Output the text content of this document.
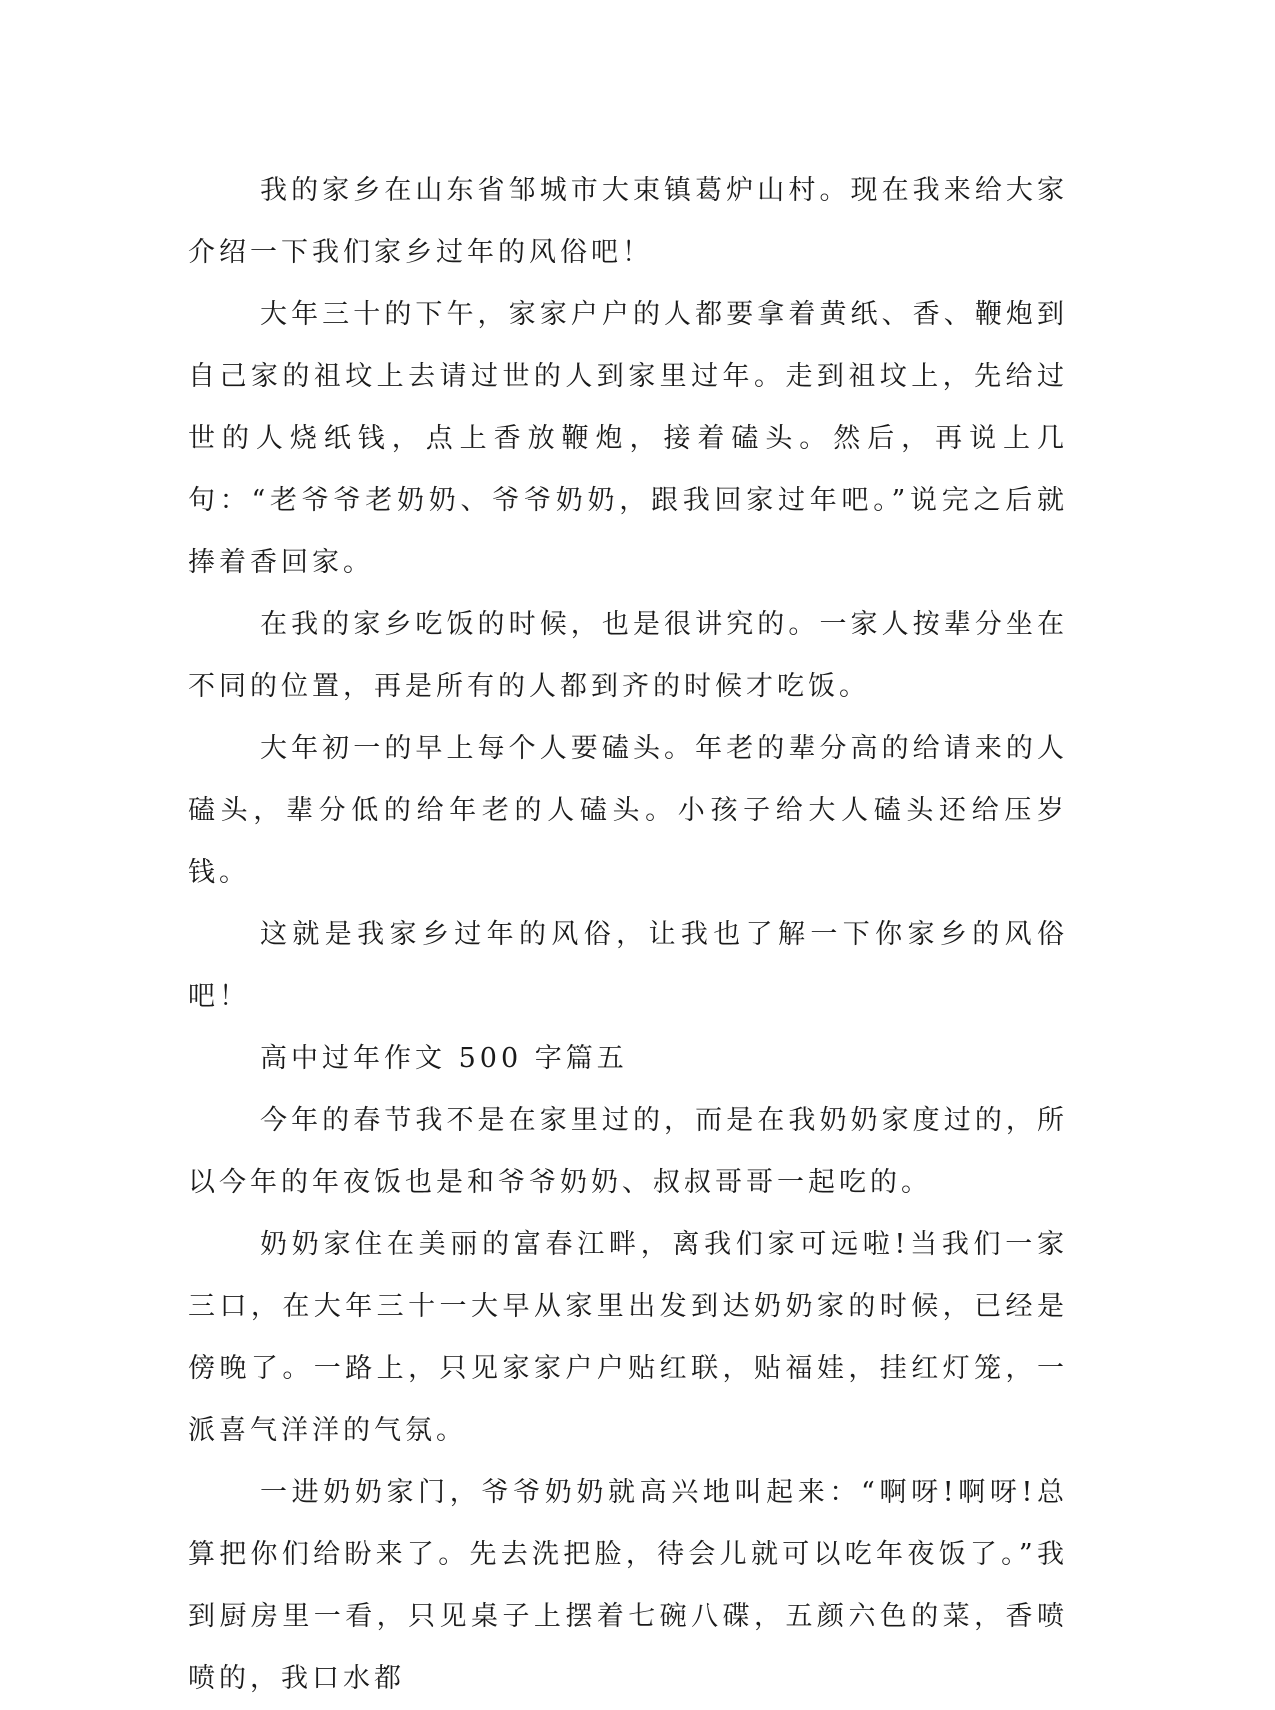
我的家乡在山东省邹城市大束镇葛炉山村。现在我来给大家介绍一下我们家乡过年的风俗吧！

大年三十的下午，家家户户的人都要拿着黄纸、香、鞭炮到自己家的祖坟上去请过世的人到家里过年。走到祖坟上，先给过世的人烧纸钱，点上香放鞭炮，接着磕头。然后，再说上几句：“老爷爷老奶奶、爷爷奶奶，跟我回家过年吧。”说完之后就捧着香回家。

在我的家乡吃饭的时候，也是很讲究的。一家人按辈分坐在不同的位置，再是所有的人都到齐的时候才吃饭。

大年初一的早上每个人要磕头。年老的辈分高的给请来的人磕头，辈分低的给年老的人磕头。小孩子给大人磕头还给压岁钱。

这就是我家乡过年的风俗，让我也了解一下你家乡的风俗吧！

高中过年作文 500 字篇五

今年的春节我不是在家里过的，而是在我奶奶家度过的，所以今年的年夜饭也是和爷爷奶奶、叔叔哥哥一起吃的。

奶奶家住在美丽的富春江畔，离我们家可远啦!当我们一家三口，在大年三十一大早从家里出发到达奶奶家的时候，已经是傍晚了。一路上，只见家家户户贴红联，贴福娃，挂红灯笼，一派喜气洋洋的气氛。

一进奶奶家门，爷爷奶奶就高兴地叫起来：“啊呀!啊呀!总算把你们给盼来了。先去洗把脸，待会儿就可以吃年夜饭了。”我到厨房里一看，只见桌子上摆着七碗八碟，五颜六色的菜，香喷喷的，我口水都
